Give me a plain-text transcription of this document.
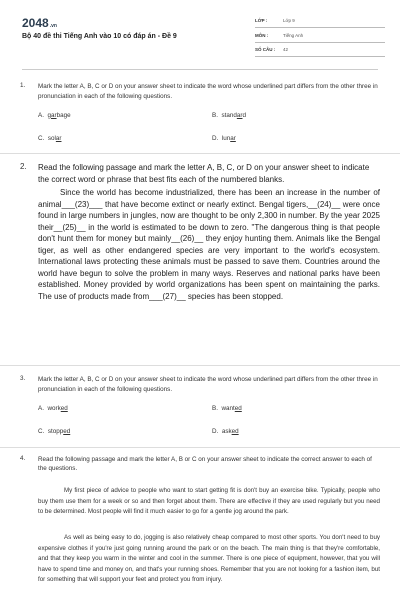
2048.vn
Bộ 40 đề thi Tiếng Anh vào 10 có đáp án - Đề 9
LỚP :	Lớp 9
MÔN :	Tiếng Anh
SỐ CÂU : 42
1. Mark the letter A, B, C or D on your answer sheet to indicate the word whose underlined part differs from the other three in pronunciation in each of the following questions.
A. garbage	B. standard
C. solar	D. lunar
2. Read the following passage and mark the letter A, B, C, or D on your answer sheet to indicate the correct word or phrase that best fits each of the numbered blanks.
Since the world has become industrialized, there has been an increase in the number of animal___(23)___ that have become extinct or nearly extinct. Bengal tigers,__(24)__ were once found in large numbers in jungles, now are thought to be only 2,300 in number. By the year 2025 their__(25)__ in the world is estimated to be down to zero. "The dangerous thing is that people don't hunt them for money but mainly__(26)__ they enjoy hunting them. Animals like the Bengal tiger, as well as other endangered species are very important to the world's ecosystem. International laws protecting these animals must be passed to save them. Countries around the world have begun to solve the problem in many ways. Reserves and national parks have been established. Money provided by world organizations has been spent on maintaining the parks. The use of products made from___(27)__ species has been stopped.
3. Mark the letter A, B, C or D on your answer sheet to indicate the word whose underlined part differs from the other three in pronunciation in each of the following questions.
A. worked	B. wanted
C. stopped	D. asked
4. Read the following passage and mark the letter A, B or C on your answer sheet to indicate the correct answer to each of the questions.
My first piece of advice to people who want to start getting fit is don't buy an exercise bike. Typically, people who buy them use them for a week or so and then forget about them. There are effective if they are used regularly but you need to be determined. Most people will find it much easier to go for a gentle jog around the park.
As well as being easy to do, jogging is also relatively cheap compared to most other sports. You don't need to buy expensive clothes if you're just going running around the park or on the beach. The main thing is that they're comfortable, and that they keep you warm in the winter and cool in the summer. There is one piece of equipment, however, that you will have to spend time and money on, and that's your running shoes. Remember that you are not looking for a fashion item, but for something that will support your feet and protect you from injury.
